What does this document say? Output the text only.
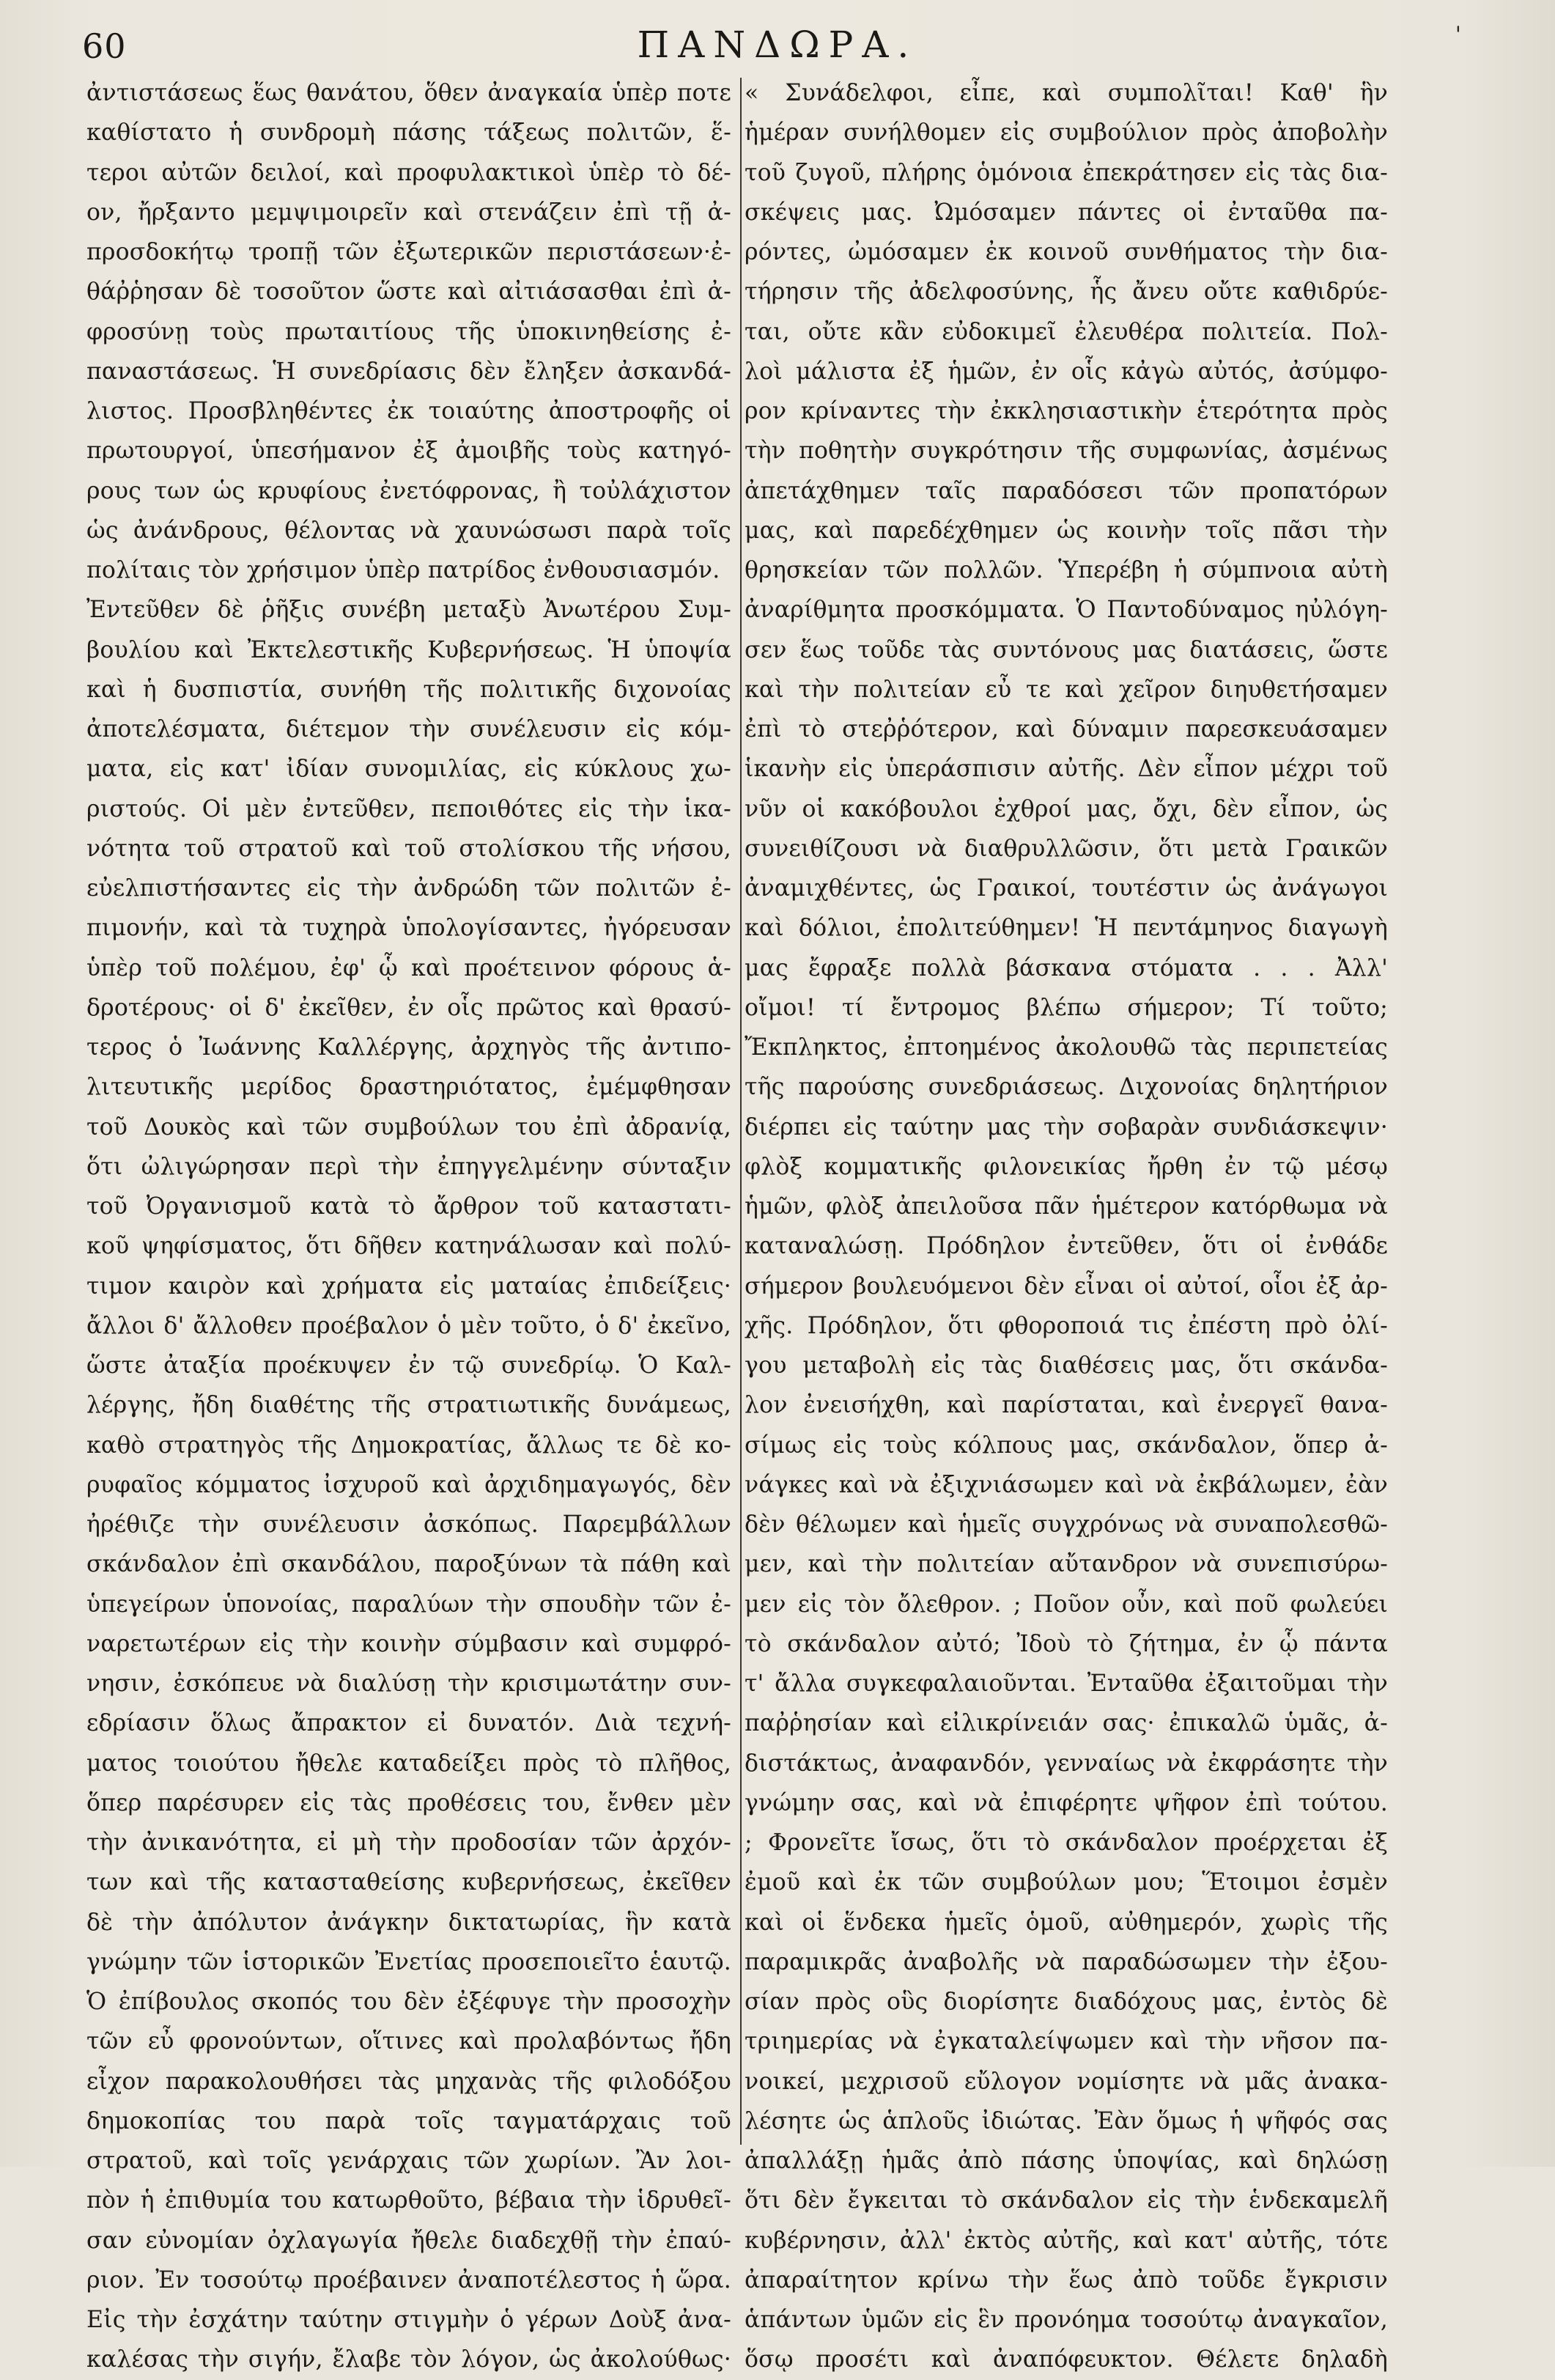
60	ΠΑΝΔΩΡΑ.	'
ἀντιστάσεως ἕως θανάτου, ὅθεν ἀναγκαία ὑπὲρ ποτε
καθίστατο ἡ συνδρομὴ πάσης τάξεως πολιτῶν, ἕ-
τεροι αὐτῶν δειλοί, καὶ προφυλακτικοὶ ὑπὲρ τὸ δέ-
ον, ἤρξαντο μεμψιμοιρεῖν καὶ στενάζειν ἐπὶ τῇ ἀ-
προσδοκήτῳ τροπῇ τῶν ἐξωτερικῶν περιστάσεων·ἐ-
θάῤῥησαν δὲ τοσοῦτον ὥστε καὶ αἰτιάσασθαι ἐπὶ ἀ-
φροσύνῃ τοὺς πρωταιτίους τῆς ὑποκινηθείσης ἐ-
παναστάσεως. Ἡ συνεδρίασις δὲν ἔληξεν ἀσκανδά-
λιστος. Προσβληθέντες ἐκ τοιαύτης ἀποστροφῆς οἱ
πρωτουργοί, ὑπεσήμανον ἐξ ἀμοιβῆς τοὺς κατηγό-
ρους των ὡς κρυφίους ἐνετόφρονας, ἢ τοὐλάχιστον
ὡς ἀνάνδρους, θέλοντας νὰ χαυνώσωσι παρὰ τοῖς
πολίταις τὸν χρήσιμον ὑπὲρ πατρίδος ἐνθουσιασμόν.
Ἐντεῦθεν δὲ ῥῆξις συνέβη μεταξὺ Ἀνωτέρου Συμ-
βουλίου καὶ Ἐκτελεστικῆς Κυβερνήσεως. Ἡ ὑποψία
καὶ ἡ δυσπιστία, συνήθη τῆς πολιτικῆς διχονοίας
ἀποτελέσματα, διέτεμον τὴν συνέλευσιν εἰς κόμ-
ματα, εἰς κατ' ἰδίαν συνομιλίας, εἰς κύκλους χω-
ριστούς. Οἱ μὲν ἐντεῦθεν, πεποιθότες εἰς τὴν ἱκα-
νότητα τοῦ στρατοῦ καὶ τοῦ στολίσκου τῆς νήσου,
εὐελπιστήσαντες εἰς τὴν ἀνδρώδη τῶν πολιτῶν ἐ-
πιμονήν, καὶ τὰ τυχηρὰ ὑπολογίσαντες, ἠγόρευσαν
ὑπὲρ τοῦ πολέμου, ἐφ' ᾧ καὶ προέτεινον φόρους ἁ-
δροτέρους· οἱ δ' ἐκεῖθεν, ἐν οἷς πρῶτος καὶ θρασύ-
τερος ὁ Ἰωάννης Καλλέργης, ἀρχηγὸς τῆς ἀντιπο-
λιτευτικῆς μερίδος δραστηριότατος, ἐμέμφθησαν
τοῦ Δουκὸς καὶ τῶν συμβούλων του ἐπὶ ἀδρανίᾳ,
ὅτι ὠλιγώρησαν περὶ τὴν ἐπηγγελμένην σύνταξιν
τοῦ Ὀργανισμοῦ κατὰ τὸ ἄρθρον τοῦ καταστατι-
κοῦ ψηφίσματος, ὅτι δῆθεν κατηνάλωσαν καὶ πολύ-
τιμον καιρὸν καὶ χρήματα εἰς ματαίας ἐπιδείξεις·
ἄλλοι δ' ἄλλοθεν προέβαλον ὁ μὲν τοῦτο, ὁ δ' ἐκεῖνο,
ὥστε ἀταξία προέκυψεν ἐν τῷ συνεδρίῳ. Ὁ Καλ-
λέργης, ἤδη διαθέτης τῆς στρατιωτικῆς δυνάμεως,
καθὸ στρατηγὸς τῆς Δημοκρατίας, ἄλλως τε δὲ κο-
ρυφαῖος κόμματος ἰσχυροῦ καὶ ἀρχιδημαγωγός, δὲν
ἠρέθιζε τὴν συνέλευσιν ἀσκόπως. Παρεμβάλλων
σκάνδαλον ἐπὶ σκανδάλου, παροξύνων τὰ πάθη καὶ
ὑπεγείρων ὑπονοίας, παραλύων τὴν σπουδὴν τῶν ἐ-
ναρετωτέρων εἰς τὴν κοινὴν σύμβασιν καὶ συμφρό-
νησιν, ἐσκόπευε νὰ διαλύσῃ τὴν κρισιμωτάτην συν-
εδρίασιν ὅλως ἄπρακτον εἰ δυνατόν. Διὰ τεχνή-
ματος τοιούτου ἤθελε καταδείξει πρὸς τὸ πλῆθος,
ὅπερ παρέσυρεν εἰς τὰς προθέσεις του, ἔνθεν μὲν
τὴν ἀνικανότητα, εἰ μὴ τὴν προδοσίαν τῶν ἀρχόν-
των καὶ τῆς κατασταθείσης κυβερνήσεως, ἐκεῖθεν
δὲ τὴν ἀπόλυτον ἀνάγκην δικτατωρίας, ἣν κατὰ
γνώμην τῶν ἱστορικῶν Ἐνετίας προσεποιεῖτο ἑαυτῷ.
Ὁ ἐπίβουλος σκοπός του δὲν ἐξέφυγε τὴν προσοχὴν
τῶν εὖ φρονούντων, οἵτινες καὶ προλαβόντως ἤδη
εἶχον παρακολουθήσει τὰς μηχανὰς τῆς φιλοδόξου
δημοκοπίας του παρὰ τοῖς ταγματάρχαις τοῦ
στρατοῦ, καὶ τοῖς γενάρχαις τῶν χωρίων. Ἂν λοι-
πὸν ἡ ἐπιθυμία του κατωρθοῦτο, βέβαια τὴν ἱδρυθεῖ-
σαν εὐνομίαν ὀχλαγωγία ἤθελε διαδεχθῇ τὴν ἐπαύ-
ριον. Ἐν τοσούτῳ προέβαινεν ἀναποτέλεστος ἡ ὥρα.
Εἰς τὴν ἐσχάτην ταύτην στιγμὴν ὁ γέρων Δοὺξ ἀνα-
καλέσας τὴν σιγήν, ἔλαβε τὸν λόγον, ὡς ἀκολούθως·
« Συνάδελφοι, εἶπε, καὶ συμπολῖται! Καθ' ἣν
ἡμέραν συνήλθομεν εἰς συμβούλιον πρὸς ἀποβολὴν
τοῦ ζυγοῦ, πλήρης ὁμόνοια ἐπεκράτησεν εἰς τὰς δια-
σκέψεις μας. Ὠμόσαμεν πάντες οἱ ἐνταῦθα πα-
ρόντες, ὠμόσαμεν ἐκ κοινοῦ συνθήματος τὴν δια-
τήρησιν τῆς ἀδελφοσύνης, ἧς ἄνευ οὔτε καθιδρύε-
ται, οὔτε κἂν εὐδοκιμεῖ ἐλευθέρα πολιτεία. Πολ-
λοὶ μάλιστα ἐξ ἡμῶν, ἐν οἷς κἀγὼ αὐτός, ἀσύμφο-
ρον κρίναντες τὴν ἐκκλησιαστικὴν ἑτερότητα πρὸς
τὴν ποθητὴν συγκρότησιν τῆς συμφωνίας, ἀσμένως
ἀπετάχθημεν ταῖς παραδόσεσι τῶν προπατόρων
μας, καὶ παρεδέχθημεν ὡς κοινὴν τοῖς πᾶσι τὴν
θρησκείαν τῶν πολλῶν. Ὑπερέβη ἡ σύμπνοια αὐτὴ
ἀναρίθμητα προσκόμματα. Ὁ Παντοδύναμος ηὐλόγη-
σεν ἕως τοῦδε τὰς συντόνους μας διατάσεις, ὥστε
καὶ τὴν πολιτείαν εὖ τε καὶ χεῖρον διηυθετήσαμεν
ἐπὶ τὸ στεῤῥότερον, καὶ δύναμιν παρεσκευάσαμεν
ἱκανὴν εἰς ὑπεράσπισιν αὐτῆς. Δὲν εἶπον μέχρι τοῦ
νῦν οἱ κακόβουλοι ἐχθροί μας, ὄχι, δὲν εἶπον, ὡς
συνειθίζουσι νὰ διαθρυλλῶσιν, ὅτι μετὰ Γραικῶν
ἀναμιχθέντες, ὡς Γραικοί, τουτέστιν ὡς ἀνάγωγοι
καὶ δόλιοι, ἐπολιτεύθημεν! Ἡ πεντάμηνος διαγωγὴ
μας ἔφραξε πολλὰ βάσκανα στόματα . . . Ἀλλ'
οἴμοι! τί ἔντρομος βλέπω σήμερον; Τί τοῦτο;
Ἔκπληκτος, ἐπτοημένος ἀκολουθῶ τὰς περιπετείας
τῆς παρούσης συνεδριάσεως. Διχονοίας δηλητήριον
διέρπει εἰς ταύτην μας τὴν σοβαρὰν συνδιάσκεψιν·
φλὸξ κομματικῆς φιλονεικίας ἤρθη ἐν τῷ μέσῳ
ἡμῶν, φλὸξ ἀπειλοῦσα πᾶν ἡμέτερον κατόρθωμα νὰ
καταναλώσῃ. Πρόδηλον ἐντεῦθεν, ὅτι οἱ ἐνθάδε
σήμερον βουλευόμενοι δὲν εἶναι οἱ αὐτοί, οἷοι ἐξ ἀρ-
χῆς. Πρόδηλον, ὅτι φθοροποιά τις ἐπέστη πρὸ ὀλί-
γου μεταβολὴ εἰς τὰς διαθέσεις μας, ὅτι σκάνδα-
λον ἐνεισήχθη, καὶ παρίσταται, καὶ ἐνεργεῖ θανα-
σίμως εἰς τοὺς κόλπους μας, σκάνδαλον, ὅπερ ἀ-
νάγκες καὶ νὰ ἐξιχνιάσωμεν καὶ νὰ ἐκβάλωμεν, ἐὰν
δὲν θέλωμεν καὶ ἡμεῖς συγχρόνως νὰ συναπολεσθῶ-
μεν, καὶ τὴν πολιτείαν αὔτανδρον νὰ συνεπισύρω-
μεν εἰς τὸν ὄλεθρον. ; Ποῦον οὖν, καὶ ποῦ φωλεύει
τὸ σκάνδαλον αὐτό; Ἰδοὺ τὸ ζήτημα, ἐν ᾧ πάντα
τ' ἄλλα συγκεφαλαιοῦνται. Ἐνταῦθα ἐξαιτοῦμαι τὴν
παῤῥησίαν καὶ εἰλικρίνειάν σας· ἐπικαλῶ ὑμᾶς, ἀ-
διστάκτως, ἀναφανδόν, γενναίως νὰ ἐκφράσητε τὴν
γνώμην σας, καὶ νὰ ἐπιφέρητε ψῆφον ἐπὶ τούτου.
; Φρονεῖτε ἴσως, ὅτι τὸ σκάνδαλον προέρχεται ἐξ
ἐμοῦ καὶ ἐκ τῶν συμβούλων μου; Ἕτοιμοι ἐσμὲν
καὶ οἱ ἕνδεκα ἡμεῖς ὁμοῦ, αὐθημερόν, χωρὶς τῆς
παραμικρᾶς ἀναβολῆς νὰ παραδώσωμεν τὴν ἐξου-
σίαν πρὸς οὓς διορίσητε διαδόχους μας, ἐντὸς δὲ
τριημερίας νὰ ἐγκαταλείψωμεν καὶ τὴν νῆσον πα-
νοικεί, μεχρισοῦ εὔλογον νομίσητε νὰ μᾶς ἀνακα-
λέσητε ὡς ἁπλοῦς ἰδιώτας. Ἐὰν ὅμως ἡ ψῆφός σας
ἀπαλλάξῃ ἡμᾶς ἀπὸ πάσης ὑποψίας, καὶ δηλώσῃ
ὅτι δὲν ἔγκειται τὸ σκάνδαλον εἰς τὴν ἑνδεκαμελῆ
κυβέρνησιν, ἀλλ' ἐκτὸς αὐτῆς, καὶ κατ' αὐτῆς, τότε
ἀπαραίτητον κρίνω τὴν ἕως ἀπὸ τοῦδε ἔγκρισιν
ἁπάντων ὑμῶν εἰς ἓν προνόημα τοσούτῳ ἀναγκαῖον,
ὅσῳ προσέτι καὶ ἀναπόφευκτον. Θέλετε δηλαδὴ
